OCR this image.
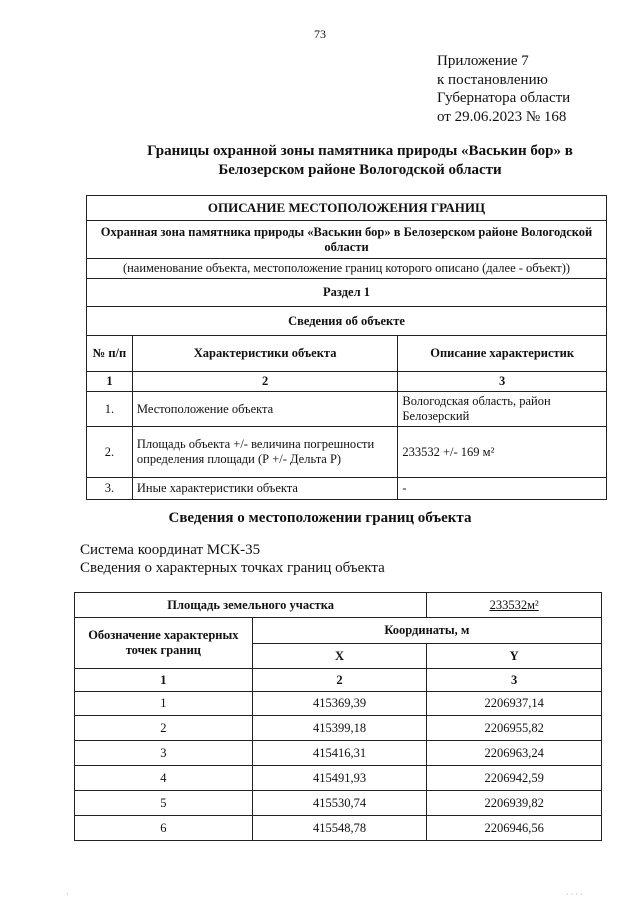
73
Приложение 7
к постановлению
Губернатора области
от 29.06.2023 № 168
Границы охранной зоны памятника природы «Васькин бор» в
Белозерском районе Вологодской области
ОПИСАНИЕ МЕСТОПОЛОЖЕНИЯ ГРАНИЦ		
Охранная зона памятника природы «Васькин бор» в Белозерском районе Вологодской области		
(наименование объекта, местоположение границ которого описано (далее - объект))		
Раздел 1		
Сведения об объекте		
№ п/п	Характеристики объекта	Описание характеристик
1	2	3
1.	Местоположение объекта	Вологодская область, район Белозерский
2.	Площадь объекта +/- величина погрешности определения площади (Р +/- Дельта Р)	233532 +/- 169 м²
3.	Иные характеристики объекта	-
Сведения о местоположении границ объекта
Система координат МСК-35
Сведения о характерных точках границ объекта
Площадь земельного участка		233532м²
Обозначение характерных точек границ	Координаты, м	
	X	Y
1	2	3
1	415369,39	2206937,14
2	415399,18	2206955,82
3	415416,31	2206963,24
4	415491,93	2206942,59
5	415530,74	2206939,82
6	415548,78	2206946,56
·	· · · ·
